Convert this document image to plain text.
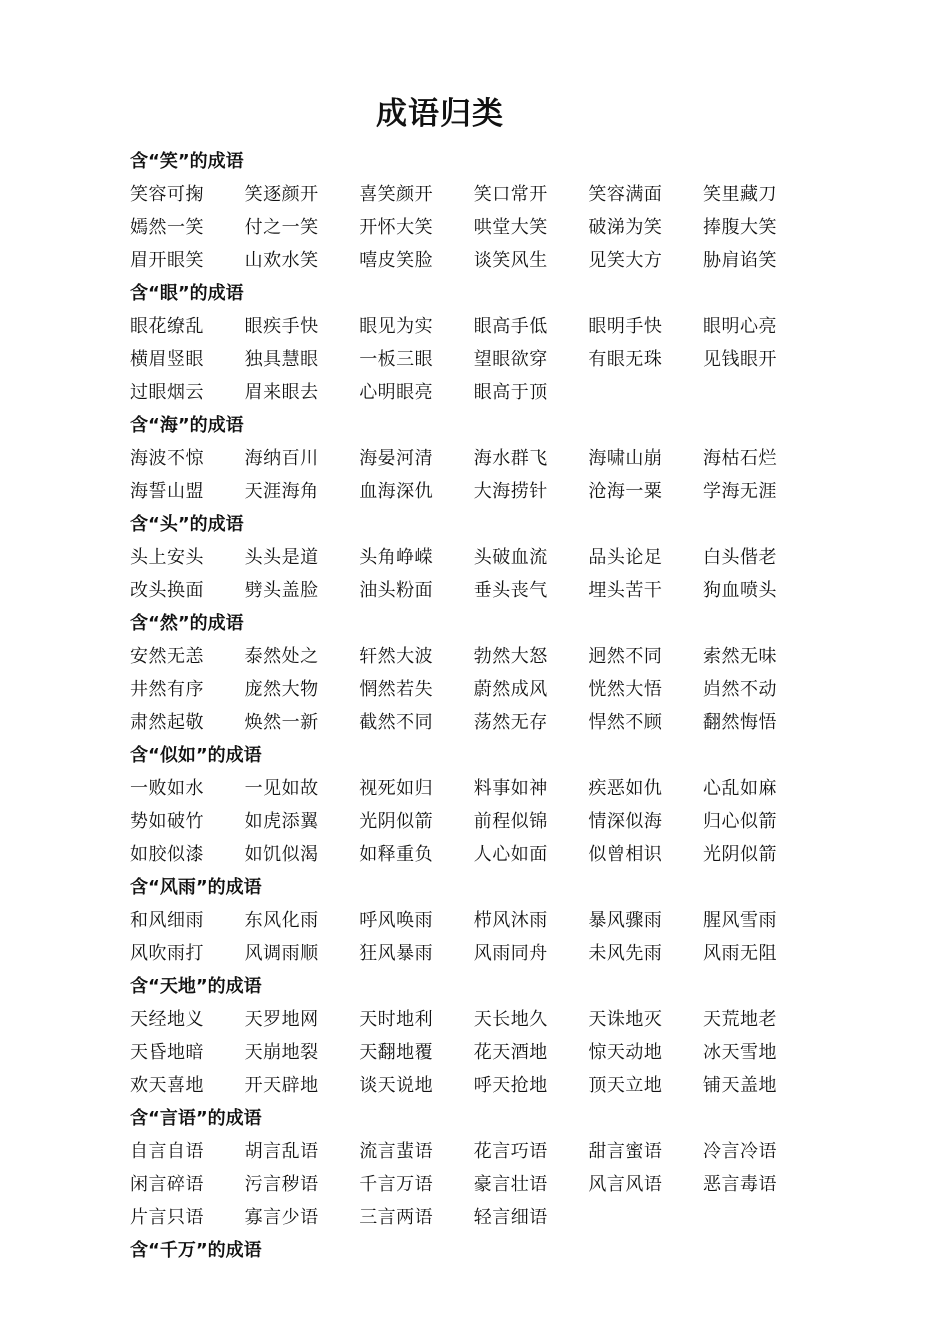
成语归类
含“笑”的成语
笑容可掬 笑逐颜开 喜笑颜开 笑口常开 笑容满面 笑里藏刀
嫣然一笑 付之一笑 开怀大笑 哄堂大笑 破涕为笑 捧腹大笑
眉开眼笑 山欢水笑 嘻皮笑脸 谈笑风生 见笑大方 胁肩谄笑
含“眼”的成语
眼花缭乱 眼疾手快 眼见为实 眼高手低 眼明手快 眼明心亮
横眉竖眼 独具慧眼 一板三眼 望眼欲穿 有眼无珠 见钱眼开
过眼烟云 眉来眼去 心明眼亮 眼高于顶
含“海”的成语
海波不惊 海纳百川 海晏河清 海水群飞 海啸山崩 海枯石烂
海誓山盟 天涯海角 血海深仇 大海捞针 沧海一粟 学海无涯
含“头”的成语
头上安头 头头是道 头角峥嵘 头破血流 品头论足 白头偕老
改头换面 劈头盖脸 油头粉面 垂头丧气 埋头苦干 狗血喷头
含“然”的成语
安然无恙 泰然处之 轩然大波 勃然大怒 迥然不同 索然无味
井然有序 庞然大物 惘然若失 蔚然成风 恍然大悟 岿然不动
肃然起敬 焕然一新 截然不同 荡然无存 悍然不顾 翻然悔悟
含“似如”的成语
一败如水 一见如故 视死如归 料事如神 疾恶如仇 心乱如麻
势如破竹 如虎添翼 光阴似箭 前程似锦 情深似海 归心似箭
如胶似漆 如饥似渴 如释重负 人心如面 似曾相识 光阴似箭
含“风雨”的成语
和风细雨 东风化雨 呼风唤雨 栉风沐雨 暴风骤雨 腥风雪雨
风吹雨打 风调雨顺 狂风暴雨 风雨同舟 未风先雨 风雨无阻
含“天地”的成语
天经地义 天罗地网 天时地利 天长地久 天诛地灭 天荒地老
天昏地暗 天崩地裂 天翻地覆 花天酒地 惊天动地 冰天雪地
欢天喜地 开天辟地 谈天说地 呼天抢地 顶天立地 铺天盖地
含“言语”的成语
自言自语 胡言乱语 流言蜚语 花言巧语 甜言蜜语 冷言冷语
闲言碎语 污言秽语 千言万语 豪言壮语 风言风语 恶言毒语
片言只语 寡言少语 三言两语 轻言细语
含“千万”的成语
